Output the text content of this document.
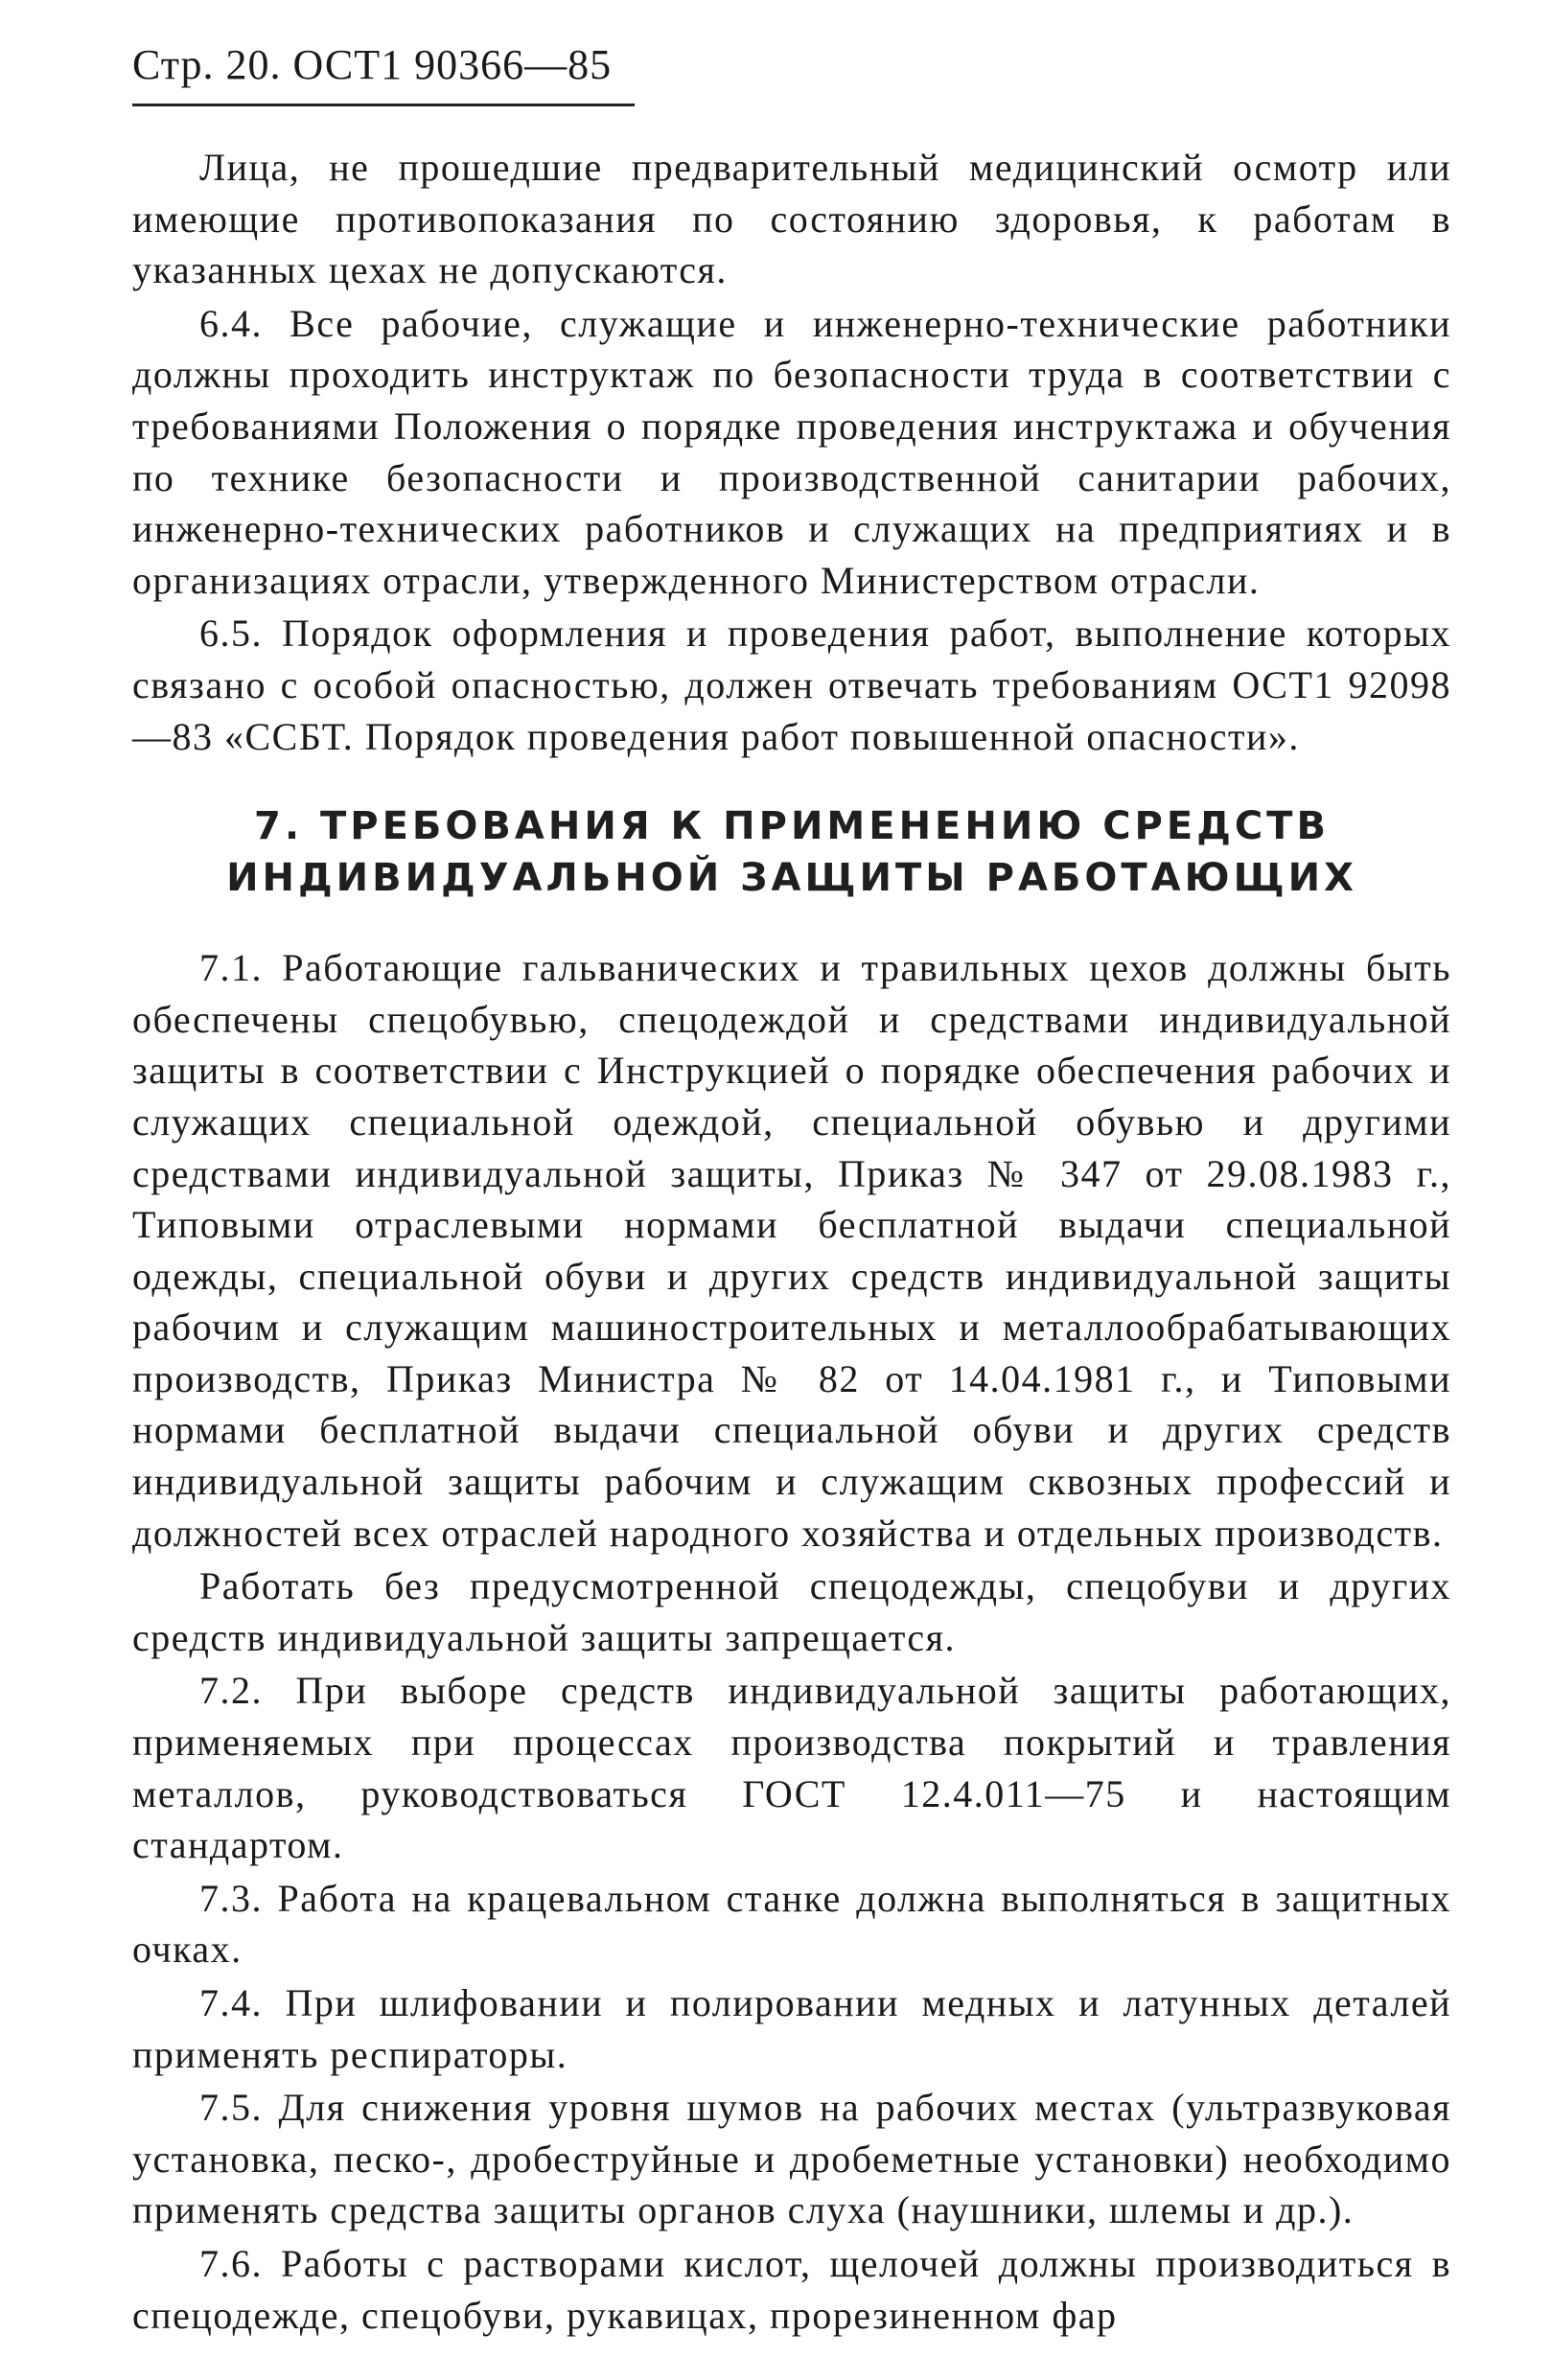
Стр. 20. ОСТ1 90366—85

Лица, не прошедшие предварительный медицинский осмотр или имеющие противопоказания по состоянию здоровья, к работам в указанных цехах не допускаются.

6.4. Все рабочие, служащие и инженерно-технические работники должны проходить инструктаж по безопасности труда в соответствии с требованиями Положения о порядке проведения инструктажа и обучения по технике безопасности и производственной санитарии рабочих, инженерно-технических работников и служащих на предприятиях и в организациях отрасли, утвержденного Министерством отрасли.

6.5. Порядок оформления и проведения работ, выполнение которых связано с особой опасностью, должен отвечать требованиям ОСТ1 92098—83 «ССБТ. Порядок проведения работ повышенной опасности».

7. ТРЕБОВАНИЯ К ПРИМЕНЕНИЮ СРЕДСТВ
ИНДИВИДУАЛЬНОЙ ЗАЩИТЫ РАБОТАЮЩИХ

7.1. Работающие гальванических и травильных цехов должны быть обеспечены спецобувью, спецодеждой и средствами индивидуальной защиты в соответствии с Инструкцией о порядке обеспечения рабочих и служащих специальной одеждой, специальной обувью и другими средствами индивидуальной защиты, Приказ № 347 от 29.08.1983 г., Типовыми отраслевыми нормами бесплатной выдачи специальной одежды, специальной обуви и других средств индивидуальной защиты рабочим и служащим машиностроительных и металлообрабатывающих производств, Приказ Министра № 82 от 14.04.1981 г., и Типовыми нормами бесплатной выдачи специальной обуви и других средств индивидуальной защиты рабочим и служащим сквозных профессий и должностей всех отраслей народного хозяйства и отдельных производств.

Работать без предусмотренной спецодежды, спецобуви и других средств индивидуальной защиты запрещается.

7.2. При выборе средств индивидуальной защиты работающих, применяемых при процессах производства покрытий и травления металлов, руководствоваться ГОСТ 12.4.011—75 и настоящим стандартом.

7.3. Работа на крацевальном станке должна выполняться в защитных очках.

7.4. При шлифовании и полировании медных и латунных деталей применять респираторы.

7.5. Для снижения уровня шумов на рабочих местах (ультразвуковая установка, песко-, дробеструйные и дробеметные установки) необходимо применять средства защиты органов слуха (наушники, шлемы и др.).

7.6. Работы с растворами кислот, щелочей должны производиться в спецодежде, спецобуви, рукавицах, прорезиненном фар
